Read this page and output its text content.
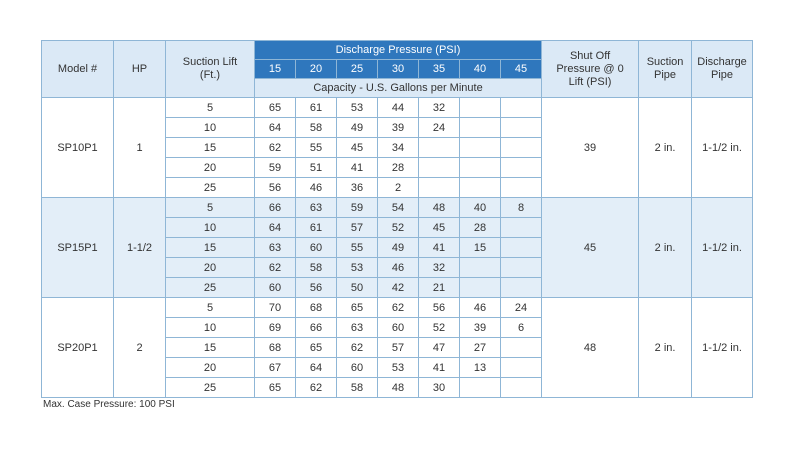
Model #	HP	Suction Lift (Ft.)	Discharge Pressure (PSI)							Shut Off Pressure @ 0 Lift (PSI)	Suction Pipe	Discharge Pipe
			15	20	25	30	35	40	45			
			Capacity - U.S. Gallons per Minute									
SP10P1	1	5	65	61	53	44	32			39	2 in.	1-1/2 in.
		10	64	58	49	39	24					
		15	62	55	45	34						
		20	59	51	41	28						
		25	56	46	36	2						
SP15P1	1-1/2	5	66	63	59	54	48	40	8	45	2 in.	1-1/2 in.
		10	64	61	57	52	45	28				
		15	63	60	55	49	41	15				
		20	62	58	53	46	32					
		25	60	56	50	42	21					
SP20P1	2	5	70	68	65	62	56	46	24	48	2 in.	1-1/2 in.
		10	69	66	63	60	52	39	6			
		15	68	65	62	57	47	27				
		20	67	64	60	53	41	13				
		25	65	62	58	48	30					
Max. Case Pressure: 100 PSI
